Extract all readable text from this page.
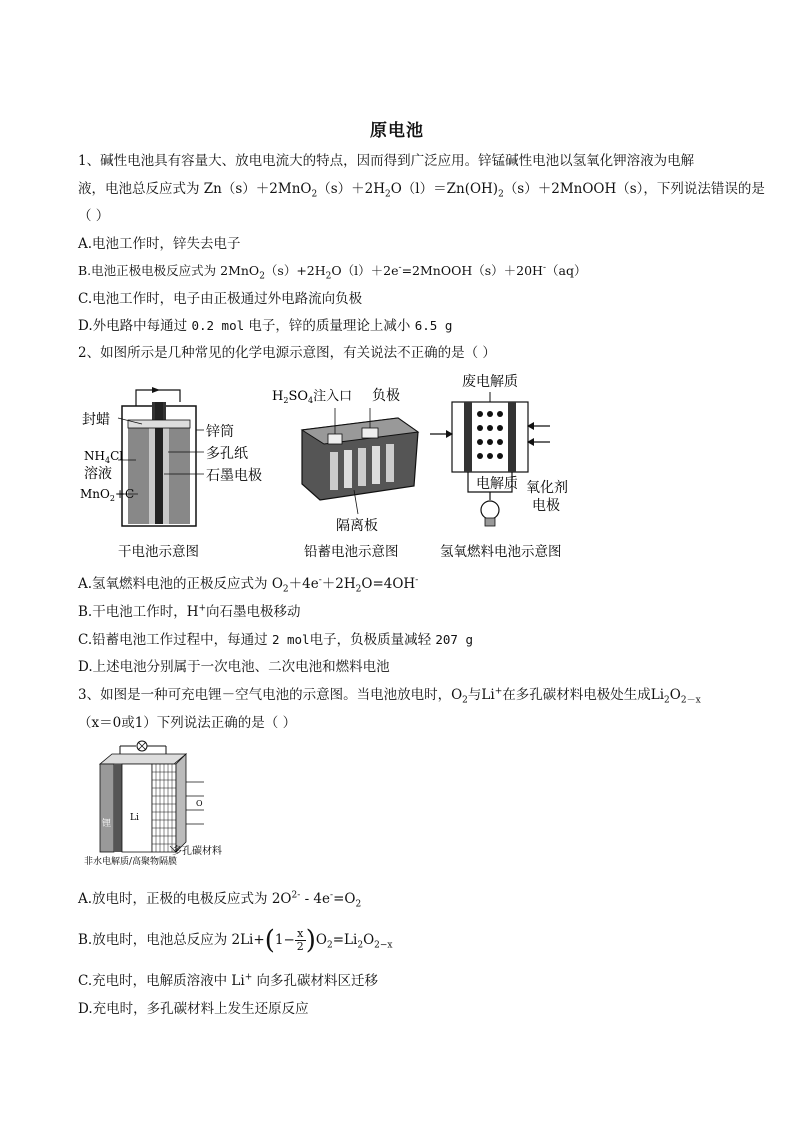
原电池
1、碱性电池具有容量大、放电电流大的特点，因而得到广泛应用。锌锰碱性电池以氢氧化钾溶液为电解
液，电池总反应式为 $Zn(s)+2MnO_2(s)+2H_2O(l)=Zn(OH)_2(s)+2MnOOH(s)$，下列说法错误的是
（ ）
A.电池工作时，锌失去电子
B.电池正极电极反应式为 $2MnO_2(s)+2H_2O(l)+2e^-=2MnOOH(s)+20H^-(aq)$
C.电池工作时，电子由正极通过外电路流向负极
D.外电路中每通过 0.2 mol 电子，锌的质量理论上减小 6.5 g
2、如图所示是几种常见的化学电源示意图，有关说法不正确的是（ ）
封蜡
$NH_4Cl$
溶液
MnO$_2$+C
锌筒
多孔纸
石墨电极
干电池示意图
$H_2SO_4$注入口 负极
隔离板
铅蓄电池示意图
废电解质
电解质 氧化剂
电极
氢氧燃料电池示意图
A.氢氧燃料电池的正极反应式为 $O_2+4e^-+2H_2O=4OH^-$
B.干电池工作时，H+向石墨电极移动
C.铅蓄电池工作过程中，每通过 2 mol电子，负极质量减轻 207 g
D.上述电池分别属于一次电池、二次电池和燃料电池
3、如图是一种可充电锂－空气电池的示意图。当电池放电时，$O_2$与Li+在多孔碳材料电极处生成$Li_2O_{2-x}$
（x＝0或1）下列说法正确的是（ ）
O
锂
Li
多孔碳材料
非水电解质/高聚物隔膜
A.放电时，正极的电极反应式为 $2O^{2-} - 4e^-=O_2$
B.放电时，电池总反应为 $2Li+(1- \frac{x}{2} )O_2=Li_2O_{2-x}$
C.充电时，电解质溶液中 Li+ 向多孔碳材料区迁移
D.充电时，多孔碳材料上发生还原反应
